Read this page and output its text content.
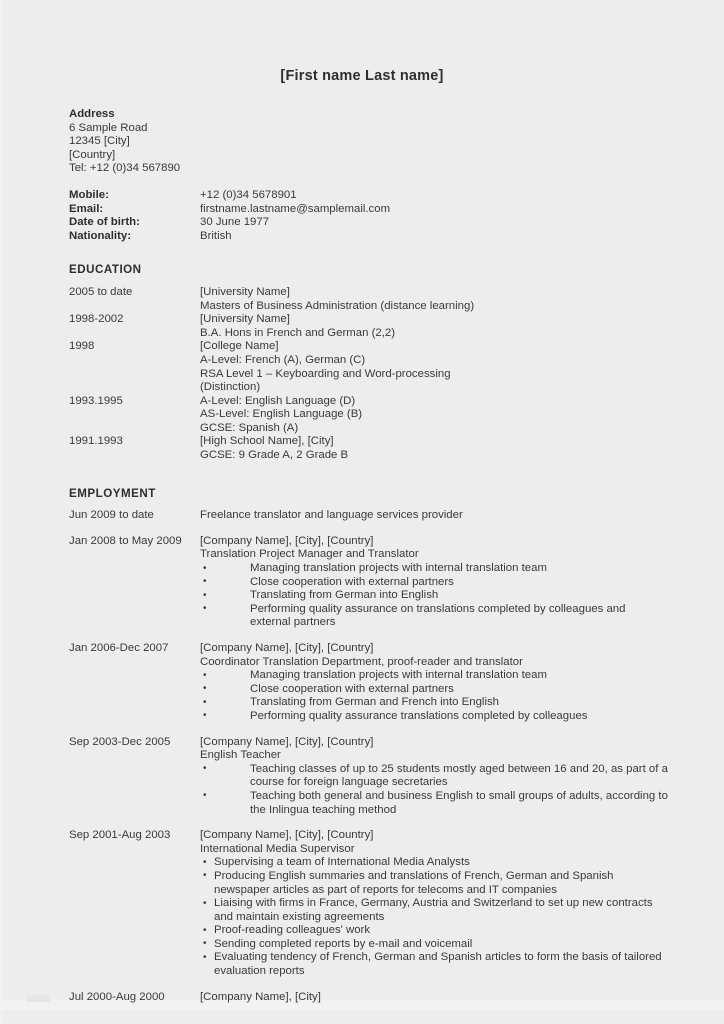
[First name Last name]
Address
6 Sample Road
12345 [City]
[Country]
Tel: +12 (0)34 567890
Mobile:	+12 (0)34 5678901
Email:	firstname.lastname@samplemail.com
Date of birth:	30 June 1977
Nationality:	British
EDUCATION
2005 to date	[University Name]
Masters of Business Administration (distance learning)
1998-2002	[University Name]
B.A. Hons in French and German (2,2)
1998	[College Name]
A-Level: French (A), German (C)
RSA Level 1 – Keyboarding and Word-processing
(Distinction)
1993.1995	A-Level: English Language (D)
AS-Level: English Language (B)
GCSE: Spanish (A)
1991.1993	[High School Name], [City]
GCSE: 9 Grade A, 2 Grade B
EMPLOYMENT
Jun 2009 to date	Freelance translator and language services provider
Jan 2008 to May 2009	[Company Name], [City], [Country]
Translation Project Manager and Translator
• Managing translation projects with internal translation team
• Close cooperation with external partners
• Translating from German into English
• Performing quality assurance on translations completed by colleagues and external partners
Jan 2006-Dec 2007	[Company Name], [City], [Country]
Coordinator Translation Department, proof-reader and translator
• Managing translation projects with internal translation team
• Close cooperation with external partners
• Translating from German and French into English
• Performing quality assurance translations completed by colleagues
Sep 2003-Dec 2005	[Company Name], [City], [Country]
English Teacher
• Teaching classes of up to 25 students mostly aged between 16 and 20, as part of a course for foreign language secretaries
• Teaching both general and business English to small groups of adults, according to the Inlingua teaching method
Sep 2001-Aug 2003	[Company Name], [City], [Country]
International Media Supervisor
• Supervising a team of International Media Analysts
• Producing English summaries and translations of French, German and Spanish newspaper articles as part of reports for telecoms and IT companies
• Liaising with firms in France, Germany, Austria and Switzerland to set up new contracts and maintain existing agreements
• Proof-reading colleagues' work
• Sending completed reports by e-mail and voicemail
• Evaluating tendency of French, German and Spanish articles to form the basis of tailored evaluation reports
Jul 2000-Aug 2000	[Company Name], [City]
